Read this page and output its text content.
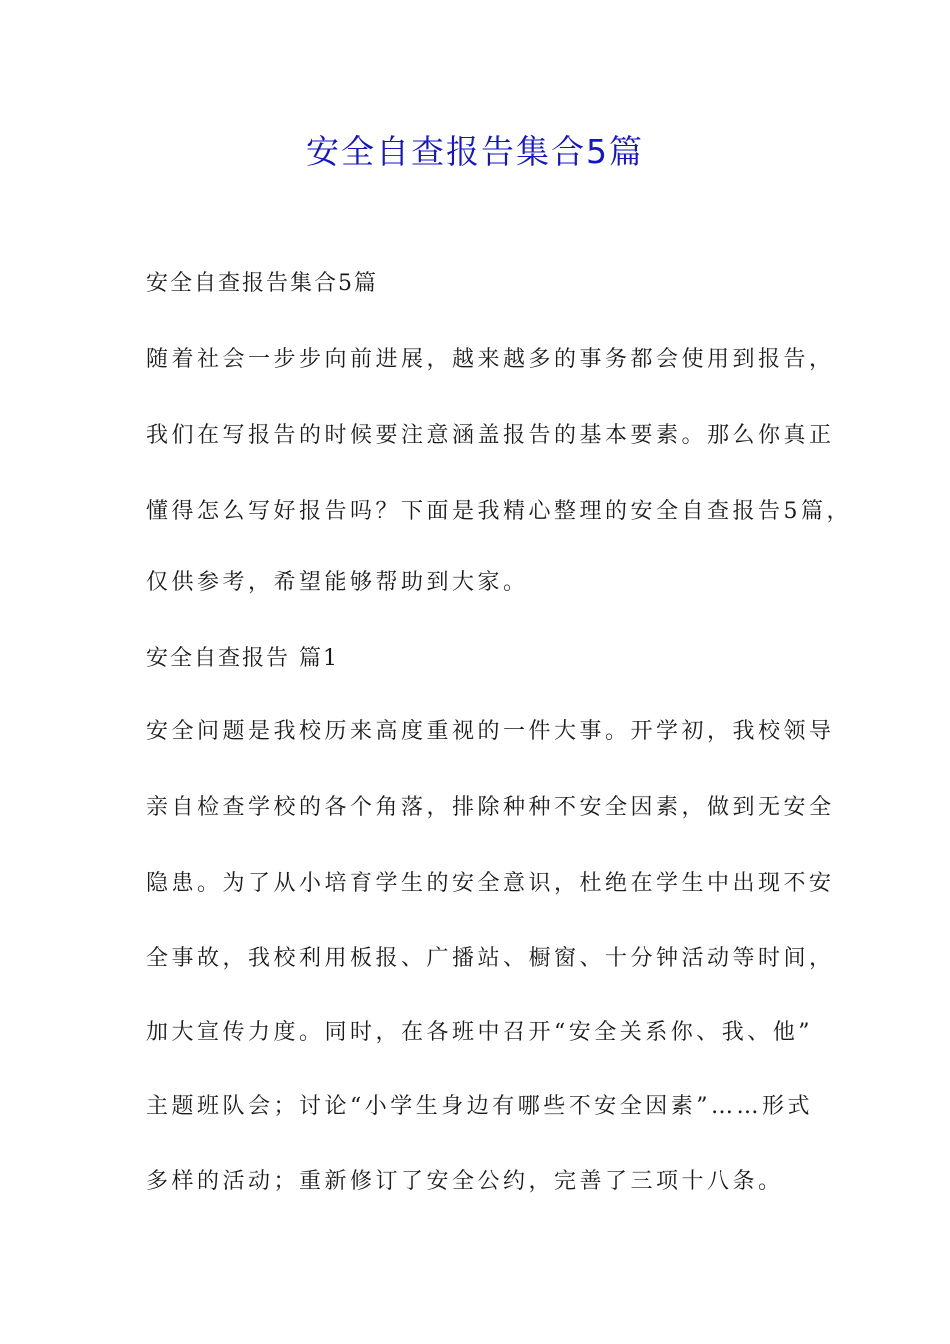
安全自查报告集合5篇
安全自查报告集合5篇
随着社会一步步向前进展，越来越多的事务都会使用到报告，
我们在写报告的时候要注意涵盖报告的基本要素。那么你真正
懂得怎么写好报告吗？下面是我精心整理的安全自查报告5篇，
仅供参考，希望能够帮助到大家。
安全自查报告 篇1
安全问题是我校历来高度重视的一件大事。开学初，我校领导
亲自检查学校的各个角落，排除种种不安全因素，做到无安全
隐患。为了从小培育学生的安全意识，杜绝在学生中出现不安
全事故，我校利用板报、广播站、橱窗、十分钟活动等时间，
加大宣传力度。同时，在各班中召开“安全关系你、我、他”
主题班队会；讨论“小学生身边有哪些不安全因素”……形式
多样的活动；重新修订了安全公约，完善了三项十八条。
